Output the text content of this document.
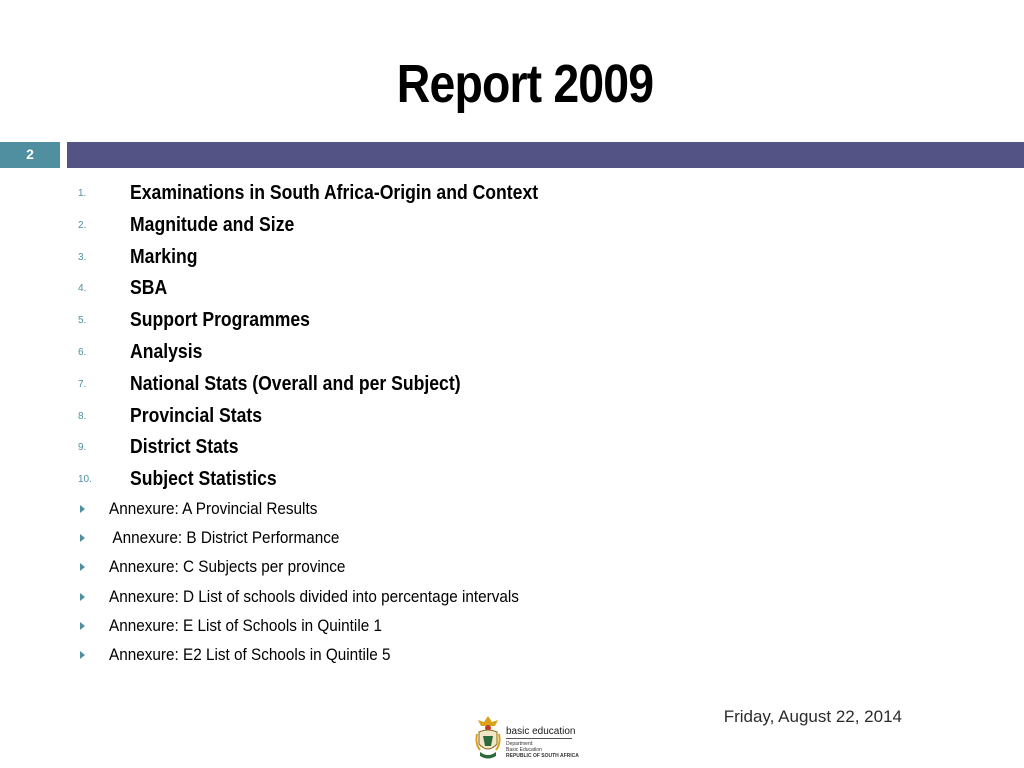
Report 2009
2
1.	Examinations in South Africa-Origin and Context
2.	Magnitude and Size
3.	Marking
4.	SBA
5.	Support Programmes
6.	Analysis
7.	National Stats (Overall and per Subject)
8.	Provincial Stats
9.	District Stats
10.	Subject Statistics
Annexure: A Provincial Results
Annexure: B District Performance
Annexure: C Subjects per province
Annexure: D List of schools divided into percentage intervals
Annexure: E List of Schools in Quintile 1
Annexure: E2 List of Schools in Quintile 5
basic education
Department:
Basic Education
REPUBLIC OF SOUTH AFRICA
Friday, August 22, 2014
